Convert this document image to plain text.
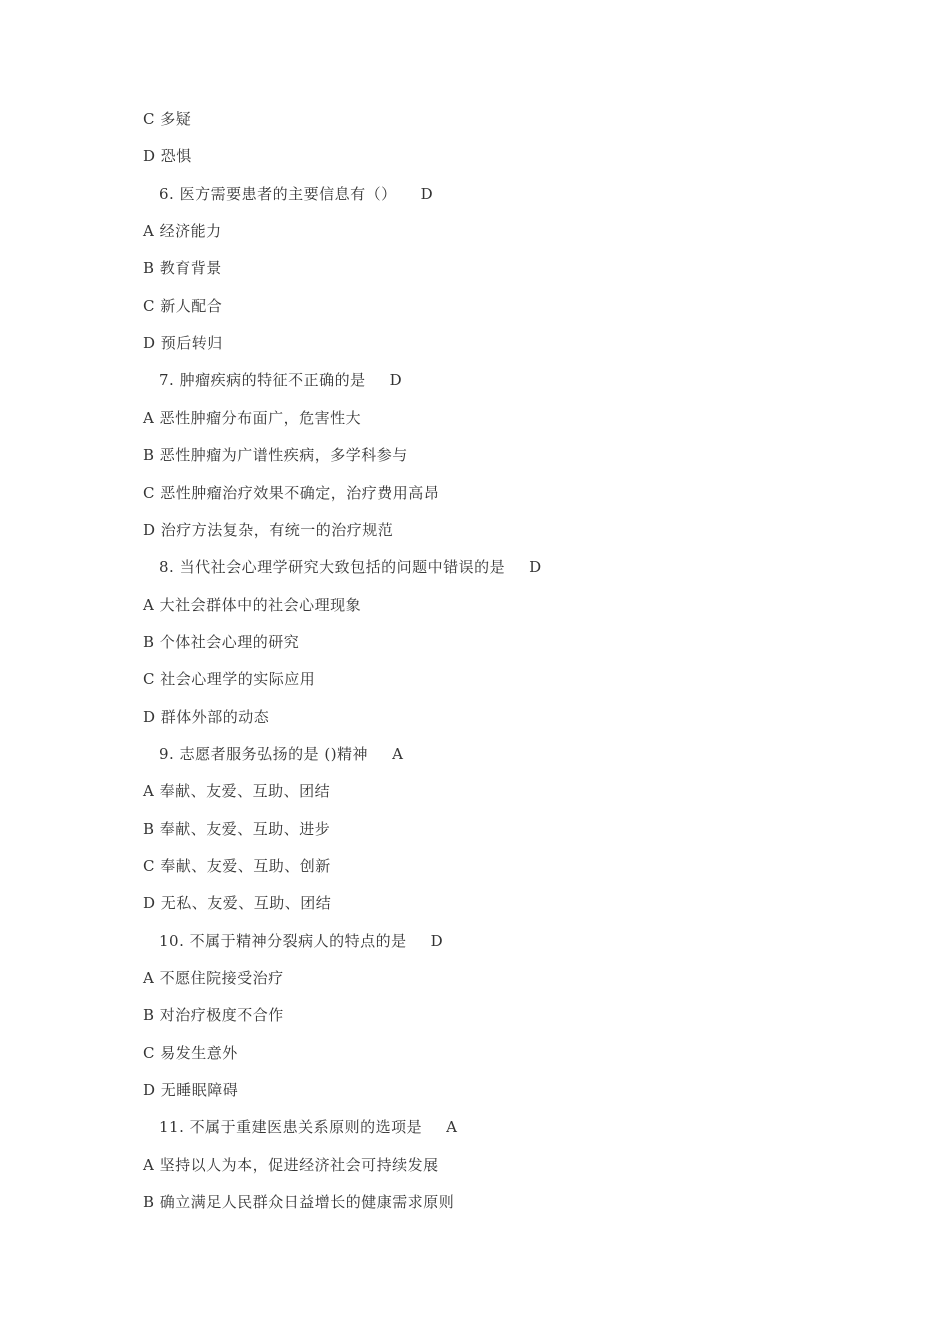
C 多疑
D 恐惧
6. 医方需要患者的主要信息有（） D
A 经济能力
B 教育背景
C 新人配合
D 预后转归
7. 肿瘤疾病的特征不正确的是 D
A 恶性肿瘤分布面广，危害性大
B 恶性肿瘤为广谱性疾病，多学科参与
C 恶性肿瘤治疗效果不确定，治疗费用高昂
D 治疗方法复杂，有统一的治疗规范
8. 当代社会心理学研究大致包括的问题中错误的是 D
A 大社会群体中的社会心理现象
B 个体社会心理的研究
C 社会心理学的实际应用
D 群体外部的动态
9. 志愿者服务弘扬的是 ()精神 A
A 奉献、友爱、互助、团结
B 奉献、友爱、互助、进步
C 奉献、友爱、互助、创新
D 无私、友爱、互助、团结
10. 不属于精神分裂病人的特点的是 D
A 不愿住院接受治疗
B 对治疗极度不合作
C 易发生意外
D 无睡眠障碍
11. 不属于重建医患关系原则的选项是 A
A 坚持以人为本，促进经济社会可持续发展
B 确立满足人民群众日益增长的健康需求原则
